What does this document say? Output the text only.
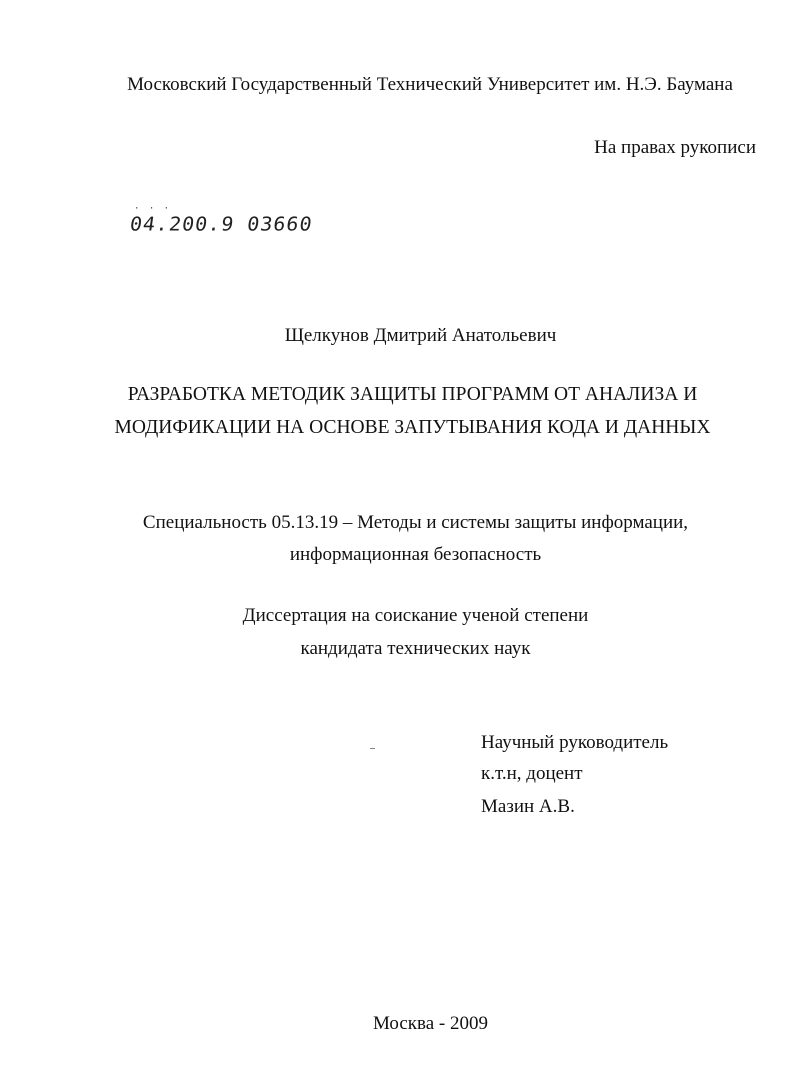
Московский Государственный Технический Университет им. Н.Э. Баумана
На правах рукописи
· · ·
04.200.9 03660
Щелкунов Дмитрий Анатольевич
РАЗРАБОТКА МЕТОДИК ЗАЩИТЫ ПРОГРАММ ОТ АНАЛИЗА И
МОДИФИКАЦИИ НА ОСНОВЕ ЗАПУТЫВАНИЯ КОДА И ДАННЫХ
Специальность 05.13.19 – Методы и системы защиты информации,
информационная безопасность
Диссертация на соискание ученой степени
кандидата технических наук
Научный руководитель
к.т.н, доцент
Мазин А.В.
Москва - 2009
